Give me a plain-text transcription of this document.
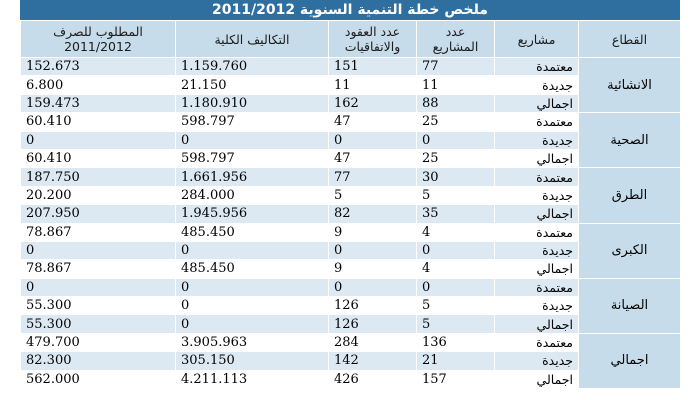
ملخص خطة التنمية السنوية 2011/2012
القطاع	مشاريع	عدد المشاريع	عدد العقود والاتفاقيات	التكاليف الكلية	المطلوب للصرف 2011/2012
الانشائية	معتمدة	77	151	1.159.760	152.673
	جديدة	11	11	21.150	6.800
	اجمالي	88	162	1.180.910	159.473
الصحية	معتمدة	25	47	598.797	60.410
	جديدة	0	0	0	0
	اجمالي	25	47	598.797	60.410
الطرق	معتمدة	30	77	1.661.956	187.750
	جديدة	5	5	284.000	20.200
	اجمالي	35	82	1.945.956	207.950
الكبرى	معتمدة	4	9	485.450	78.867
	جديدة	0	0	0	0
	اجمالي	4	9	485.450	78.867
الصيانة	معتمدة	0	0	0	0
	جديدة	5	126	0	55.300
	اجمالي	5	126	0	55.300
اجمالي	معتمدة	136	284	3.905.963	479.700
	جديدة	21	142	305.150	82.300
	اجمالي	157	426	4.211.113	562.000
